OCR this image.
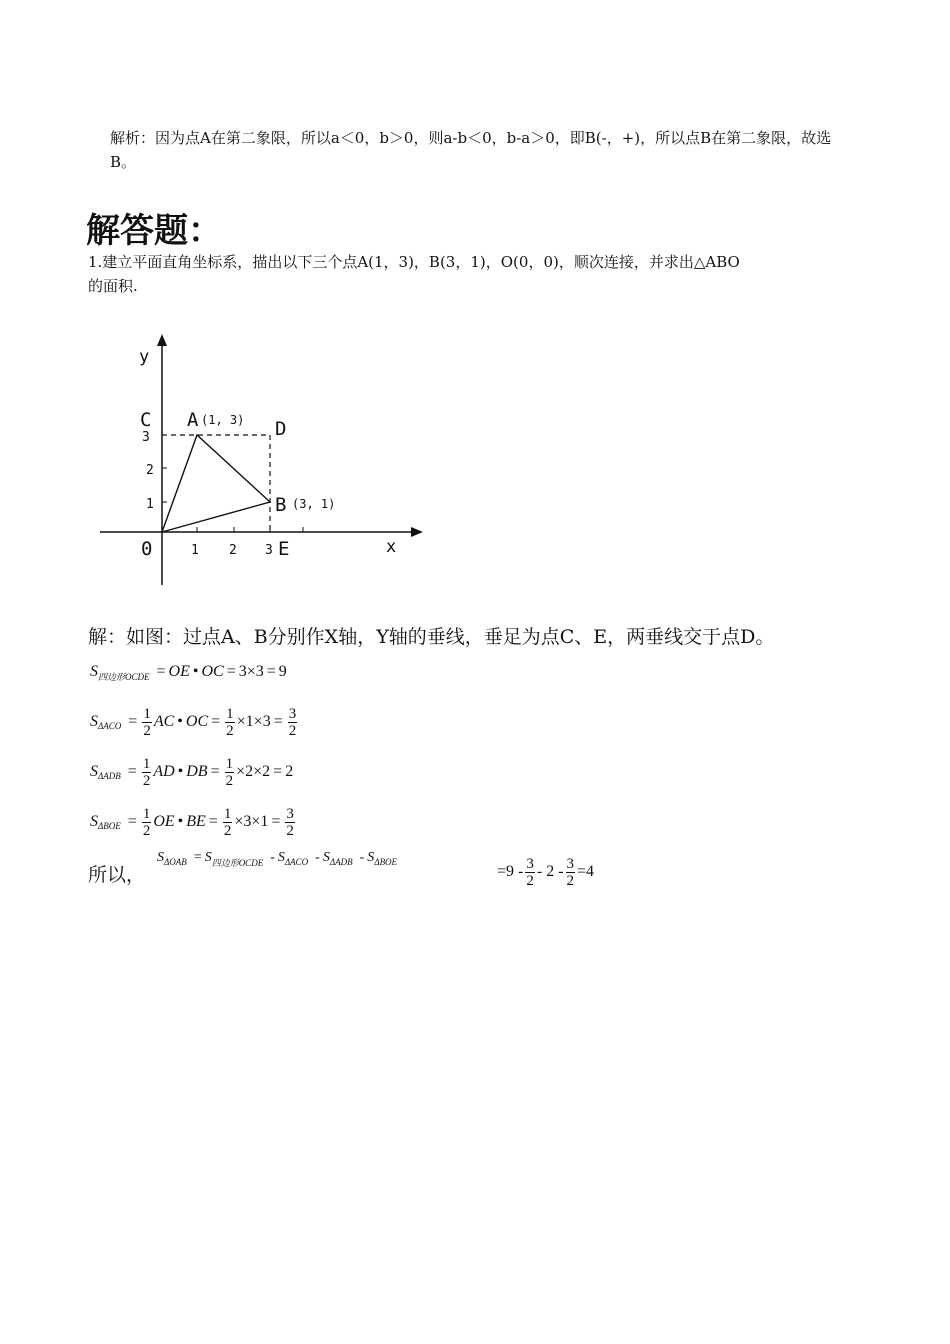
解析：因为点A在第二象限，所以a＜0，b＞0，则a-b＜0，b-a＞0，即B(-，+)，所以点B在第二象限，故选
B。
解答题：
1.建立平面直角坐标系，描出以下三个点A(1，3)，B(3，1)，O(0，0)，顺次连接，并求出△ABO
的面积.
y
x
0	1 2 3
1
2
3
C A (1, 3) D
B (3, 1)
E
解：如图：过点A、B分别作X轴，Y轴的垂线，垂足为点C、E，两垂线交于点D。
S 四边形OCDE = OE • OC = 3×3 = 9
S $\Delta ACO = \frac{1}{2}$ AC • OC = $\frac{1}{2} \times 1\times 3 = \frac{3}{2}$
S $\Delta ADB = \frac{1}{2}$ AD • DB = $\frac{1}{2} \times 2\times 2 = 2$
S $\Delta BOE = \frac{1}{2}$ OE • BE = $\frac{1}{2} \times 3\times 1 = \frac{3}{2}$
所以，
S ΔOAB = S 四边形OCDE - S ΔACO - S ΔADB - S ΔBOE
$=9 - \frac{3}{2} - 2 - \frac{3}{2} =4$
